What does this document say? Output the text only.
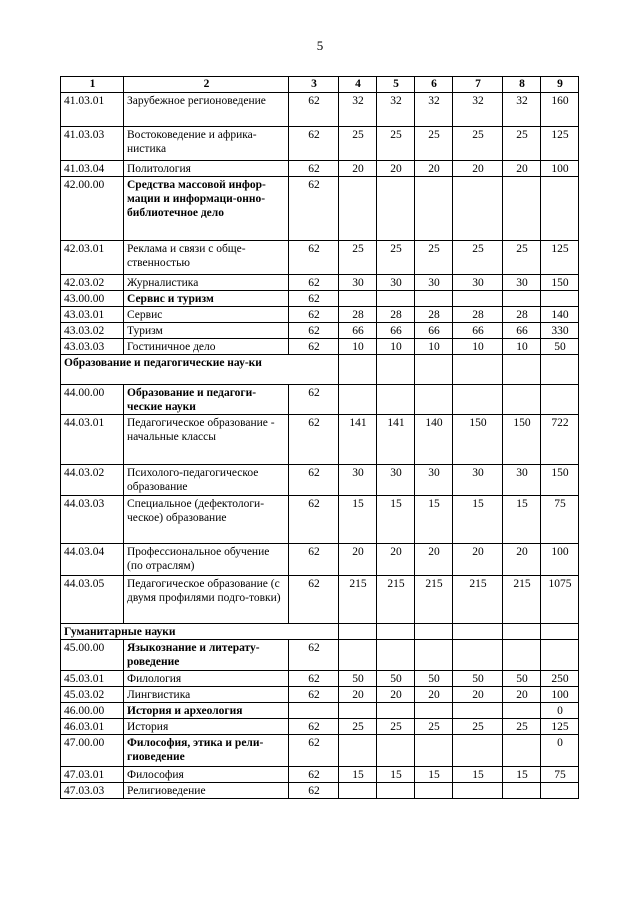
5
1	2	3	4	5	6	7	8	9
41.03.01	Зарубежное регионоведение	62	32	32	32	32	32	160
41.03.03	Востоковедение и африка-нистика	62	25	25	25	25	25	125
41.03.04	Политология	62	20	20	20	20	20	100
42.00.00	Средства массовой инфор-мации и информаци-онно-библиотечное дело	62						
42.03.01	Реклама и связи с обще-ственностью	62	25	25	25	25	25	125
42.03.02	Журналистика	62	30	30	30	30	30	150
43.00.00	Сервис и туризм	62						
43.03.01	Сервис	62	28	28	28	28	28	140
43.03.02	Туризм	62	66	66	66	66	66	330
43.03.03	Гостиничное дело	62	10	10	10	10	10	50
Образование и педагогические нау-ки								
44.00.00	Образование и педагоги-ческие науки	62						
44.03.01	Педагогическое образование - начальные классы	62	141	141	140	150	150	722
44.03.02	Психолого-педагогическое образование	62	30	30	30	30	30	150
44.03.03	Специальное (дефектологи-ческое) образование	62	15	15	15	15	15	75
44.03.04	Профессиональное обучение (по отраслям)	62	20	20	20	20	20	100
44.03.05	Педагогическое образование (с двумя профилями подго-товки)	62	215	215	215	215	215	1075
Гуманитарные науки								
45.00.00	Языкознание и литерату-роведение	62						
45.03.01	Филология	62	50	50	50	50	50	250
45.03.02	Лингвистика	62	20	20	20	20	20	100
46.00.00	История и археология							0
46.03.01	История	62	25	25	25	25	25	125
47.00.00	Философия, этика и рели-гиоведение	62						0
47.03.01	Философия	62	15	15	15	15	15	75
47.03.03	Религиоведение	62						
